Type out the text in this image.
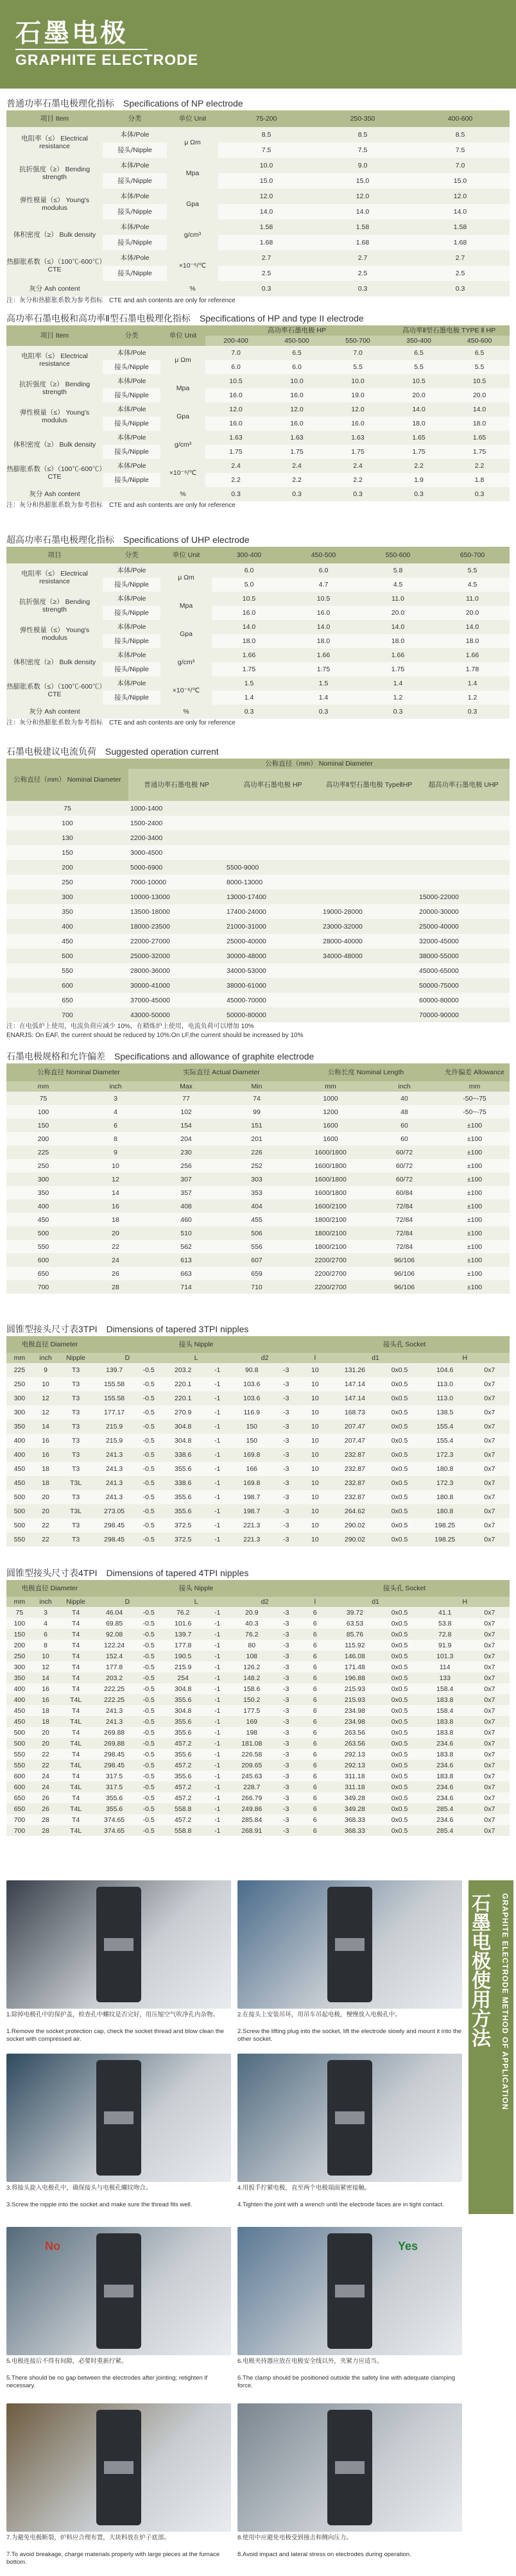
石墨电极
GRAPHITE ELECTRODE
普通功率石墨电极理化指标　Specifications of NP electrode
项目 Item	分类	单位 Unit	75-200	250-350	400-600
电阻率（≤） Electrical resistance	本体/Pole	μ Ωm	8.5	8.5	8.5
	接头/Nipple		7.5	7.5	7.5
抗折强度（≥） Bending strength	本体/Pole	Mpa	10.0	9.0	7.0
	接头/Nipple		15.0	15.0	15.0
弹性模量（≤） Young's modulus	本体/Pole	Gpa	12.0	12.0	12.0
	接头/Nipple		14.0	14.0	14.0
体积密度（≥） Bulk density	本体/Pole	g/cm³	1.58	1.58	1.58
	接头/Nipple		1.68	1.68	1.68
热膨胀系数（≤）（100℃-600℃）CTE	本体/Pole	×10⁻⁶/℃	2.7	2.7	2.7
	接头/Nipple		2.5	2.5	2.5
灰分 Ash content		%	0.3	0.3	0.3
注：灰分和热膨胀系数为参考指标　CTE and ash contents are only for reference
高功率石墨电极和高功率Ⅱ型石墨电极理化指标　Specifications of HP and type II electrode
项目 Item	分类	单位 Unit	高功率石墨电极 HP			高功率Ⅱ型石墨电极 TYPE Ⅱ HP	
			200-400	450-500	550-700	350-400	450-600
电阻率（≤） Electrical resistance	本体/Pole	μ Ωm	7.0	6.5	7.0	6.5	6.5
	接头/Nipple		6.0	6.0	5.5	5.5	5.5
抗折强度（≥） Bending strength	本体/Pole	Mpa	10.5	10.0	10.0	10.5	10.5
	接头/Nipple		16.0	16.0	19.0	20.0	20.0
弹性模量（≤） Young's modulus	本体/Pole	Gpa	12.0	12.0	12.0	14.0	14.0
	接头/Nipple		16.0	16.0	16.0	18.0	18.0
体积密度（≥） Bulk density	本体/Pole	g/cm³	1.63	1.63	1.63	1.65	1.65
	接头/Nipple		1.75	1.75	1.75	1.75	1.75
热膨胀系数（≤）（100℃-600℃）CTE	本体/Pole	×10⁻⁶/℃	2.4	2.4	2.4	2.2	2.2
	接头/Nipple		2.2	2.2	2.2	1.9	1.8
灰分 Ash content		%	0.3	0.3	0.3	0.3	0.3
注：灰分和热膨胀系数为参考指标　CTE and ash contents are only for reference
超高功率石墨电极理化指标　Specifications of UHP electrode
项目	分类	单位 Unit	300-400	450-500	550-600	650-700
电阻率（≤） Electrical resistance	本体/Pole	μ Ωm	6.0	6.0	5.8	5.5
	接头/Nipple		5.0	4.7	4.5	4.5
抗折强度（≥） Bending strength	本体/Pole	Mpa	10.5	10.5	11.0	11.0
	接头/Nipple		16.0	16.0	20.0	20.0
弹性模量（≤） Young's modulus	本体/Pole	Gpa	14.0	14.0	14.0	14.0
	接头/Nipple		18.0	18.0	18.0	18.0
体积密度（≥） Bulk density	本体/Pole	g/cm³	1.66	1.66	1.66	1.66
	接头/Nipple		1.75	1.75	1.75	1.78
热膨胀系数（≤）（100℃-600℃）CTE	本体/Pole	×10⁻⁶/℃	1.5	1.5	1.4	1.4
	接头/Nipple		1.4	1.4	1.2	1.2
灰分 Ash content		%	0.3	0.3	0.3	0.3
注：灰分和热膨胀系数为参考指标　CTE and ash contents are only for reference
石墨电极建议电流负荷　Suggested operation current
公称直径（mm） Nominal Diameter	公称直径（mm） Nominal Diameter			
	普通功率石墨电极 NP	高功率石墨电极 HP	高功率Ⅱ型石墨电极 TypeⅡHP	超高功率石墨电极 UHP
75	1000-1400			
100	1500-2400			
130	2200-3400			
150	3000-4500			
200	5000-6900	5500-9000		
250	7000-10000	8000-13000		
300	10000-13000	13000-17400		15000-22000
350	13500-18000	17400-24000	19000-28000	20000-30000
400	18000-23500	21000-31000	23000-32000	25000-40000
450	22000-27000	25000-40000	28000-40000	32000-45000
500	25000-32000	30000-48000	34000-48000	38000-55000
550	28000-36000	34000-53000		45000-65000
600	30000-41000	38000-61000		50000-75000
650	37000-45000	45000-70000		60000-80000
700	43000-50000	50000-80000		70000-90000
注：在电弧炉上使用，电流负荷应减少 10%，在精炼炉上使用，电流负荷可以增加 10%
ENARJS: On EAF, the current should be reduced by 10%.On LF,the current should be increased by 10%
石墨电极规格和允许偏差　Specifications and allowance of graphite electrode
公称直径 Nominal Diameter		实际直径 Actual Diameter		公称长度 Nominal Length		允许偏差 Allowance
mm	inch	Max	Min	mm	inch	mm
75	3	77	74	1000	40	-50~-75
100	4	102	99	1200	48	-50~-75
150	6	154	151	1600	60	±100
200	8	204	201	1600	60	±100
225	9	230	226	1600/1800	60/72	±100
250	10	256	252	1600/1800	60/72	±100
300	12	307	303	1600/1800	60/72	±100
350	14	357	353	1600/1800	60/84	±100
400	16	408	404	1600/2100	72/84	±100
450	18	460	455	1800/2100	72/84	±100
500	20	510	506	1800/2100	72/84	±100
550	22	562	556	1800/2100	72/84	±100
600	24	613	607	2200/2700	96/106	±100
650	26	663	659	2200/2700	96/106	±100
700	28	714	710	2200/2700	96/106	±100
圆锥型接头尺寸表3TPI　Dimensions of tapered 3TPI nipples
电极直径 Diameter			接头 Nipple						接头孔 Socket				
mm	inch	Nipple	D		L		d2		l	d1		H	
225	9	T3	139.7	-0.5	203.2	-1	90.8	-3	10	131.26	0x0.5	104.6	0x7
250	10	T3	155.58	-0.5	220.1	-1	103.6	-3	10	147.14	0x0.5	113.0	0x7
300	12	T3	155.58	-0.5	220.1	-1	103.6	-3	10	147.14	0x0.5	113.0	0x7
300	12	T3	177.17	-0.5	270.9	-1	116.9	-3	10	168.73	0x0.5	138.5	0x7
350	14	T3	215.9	-0.5	304.8	-1	150	-3	10	207.47	0x0.5	155.4	0x7
400	16	T3	215.9	-0.5	304.8	-1	150	-3	10	207.47	0x0.5	155.4	0x7
400	16	T3	241.3	-0.5	338.6	-1	169.8	-3	10	232.87	0x0.5	172.3	0x7
450	18	T3	241.3	-0.5	355.6	-1	166	-3	10	232.87	0x0.5	180.8	0x7
450	18	T3L	241.3	-0.5	338.6	-1	169.8	-3	10	232.87	0x0.5	172.3	0x7
500	20	T3	241.3	-0.5	355.6	-1	198.7	-3	10	232.87	0x0.5	180.8	0x7
500	20	T3L	273.05	-0.5	355.6	-1	198.7	-3	10	264.62	0x0.5	180.8	0x7
500	22	T3	298.45	-0.5	372.5	-1	221.3	-3	10	290.02	0x0.5	198.25	0x7
550	22	T3	298.45	-0.5	372.5	-1	221.3	-3	10	290.02	0x0.5	198.25	0x7
圆锥型接头尺寸表4TPI　Dimensions of tapered 4TPI nipples
电极直径 Diameter			接头 Nipple						接头孔 Socket				
mm	inch	Nipple	D		L		d2		l	d1		H	
75	3	T4	46.04	-0.5	76.2	-1	20.9	-3	6	39.72	0x0.5	41.1	0x7
100	4	T4	69.85	-0.5	101.6	-1	40.3	-3	6	63.53	0x0.5	53.8	0x7
150	6	T4	92.08	-0.5	139.7	-1	76.2	-3	6	85.76	0x0.5	72.8	0x7
200	8	T4	122.24	-0.5	177.8	-1	80	-3	6	115.92	0x0.5	91.9	0x7
250	10	T4	152.4	-0.5	190.5	-1	108	-3	6	146.08	0x0.5	101.3	0x7
300	12	T4	177.8	-0.5	215.9	-1	126.2	-3	6	171.48	0x0.5	114	0x7
350	14	T4	203.2	-0.5	254	-1	148.2	-3	6	196.88	0x0.5	133	0x7
400	16	T4	222.25	-0.5	304.8	-1	158.6	-3	6	215.93	0x0.5	158.4	0x7
400	16	T4L	222.25	-0.5	355.6	-1	150.2	-3	6	215.93	0x0.5	183.8	0x7
450	18	T4	241.3	-0.5	304.8	-1	177.5	-3	6	234.98	0x0.5	158.4	0x7
450	18	T4L	241.3	-0.5	355.6	-1	169	-3	6	234.98	0x0.5	183.8	0x7
500	20	T4	269.88	-0.5	355.6	-1	198	-3	6	263.56	0x0.5	183.8	0x7
500	20	T4L	269.88	-0.5	457.2	-1	181.08	-3	6	263.56	0x0.5	234.6	0x7
550	22	T4	298.45	-0.5	355.6	-1	226.58	-3	6	292.13	0x0.5	183.8	0x7
550	22	T4L	298.45	-0.5	457.2	-1	209.65	-3	6	292.13	0x0.5	234.6	0x7
600	24	T4	317.5	-0.5	355.6	-1	245.63	-3	6	311.18	0x0.5	183.8	0x7
600	24	T4L	317.5	-0.5	457.2	-1	228.7	-3	6	311.18	0x0.5	234.6	0x7
650	26	T4	355.6	-0.5	457.2	-1	266.79	-3	6	349.28	0x0.5	234.6	0x7
650	26	T4L	355.6	-0.5	558.8	-1	249.86	-3	6	349.28	0x0.5	285.4	0x7
700	28	T4	374.65	-0.5	457.2	-1	285.84	-3	6	368.33	0x0.5	234.6	0x7
700	28	T4L	374.65	-0.5	558.8	-1	268.91	-3	6	368.33	0x0.5	285.4	0x7
石墨电极使用方法	GRAPHITE ELECTRODE METHOD OF APPLICATION
1.除掉电极孔中的保护盖，检查孔中螺纹是否完好，用压缩空气吹净孔内杂物。
1.Remove the socket protection cap, check the socket thread and blow clean the socket with compressed air.
2.在接头上安装吊环，用吊车吊起电极，慢慢放入电极孔中。
2.Screw the lifting plug into the socket, lift the electrode slowly and mount it into the other socket.
3.将接头旋入电极孔中，确保接头与电极孔螺纹吻合。
3.Screw the nipple into the socket and make sure the thread fits well.
4.用扳手拧紧电极，直至两个电极端面紧密接触。
4.Tighten the joint with a wrench until the electrode faces are in tight contact.
No
5.电极连接后不得有间隙，必要时重新拧紧。
5.There should be no gap between the electrodes after jointing; retighten if necessary.
Yes
6.电极夹持器应放在电极安全线以外，夹紧力应适当。
6.The clamp should be positioned outside the safety line with adequate clamping force.
7.为避免电极断裂，炉料应合理布置，大块料放在炉子底部。
7.To avoid breakage, charge materials properly with large pieces at the furnace bottom.
8.使用中应避免电极受到撞击和侧向压力。
8.Avoid impact and lateral stress on electrodes during operation.
